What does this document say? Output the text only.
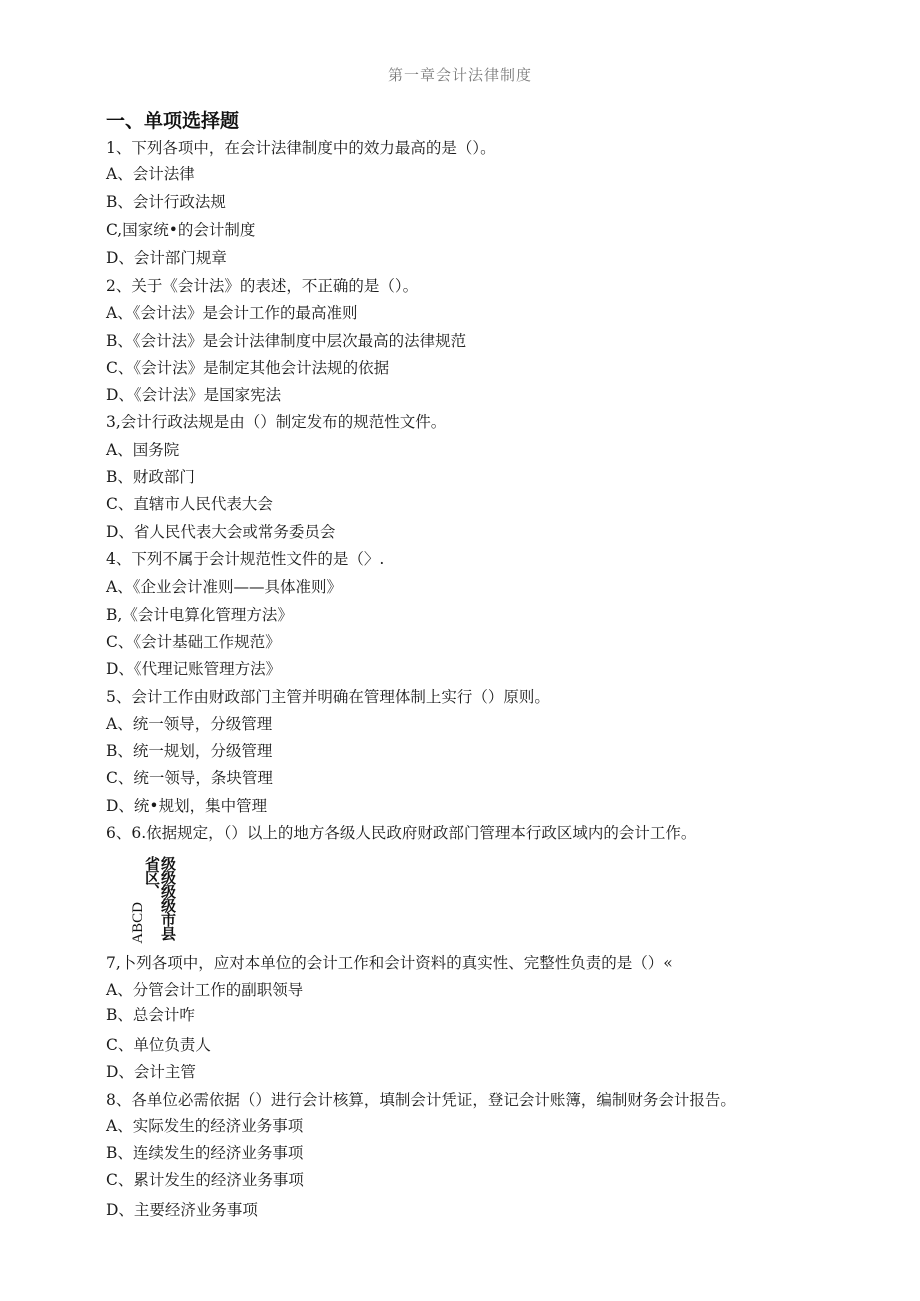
第一章会计法律制度
一、单项选择题
1、下列各项中，在会计法律制度中的效力最高的是（）。
A、会计法律
B、会计行政法规
C,国家统•的会计制度
D、会计部门规章
2、关于《会计法》的表述，不正确的是（）。
A、《会计法》是会计工作的最高准则
B、《会计法》是会计法律制度中层次最高的法律规范
C、《会计法》是制定其他会计法规的依据
D、《会计法》是国家宪法
3,会计行政法规是由（）制定发布的规范性文件。
A、国务院
B、财政部门
C、直辖市人民代表大会
D、省人民代表大会或常务委员会
4、下列不属于会计规范性文件的是（〉.
A、《企业会计准则——具体准则》
B,《会计电算化管理方法》
C、《会计基础工作规范》
D、《代理记账管理方法》
5、会计工作由财政部门主管并明确在管理体制上实行（）原则。
A、统一领导，分级管理
B、统一规划，分级管理
C、统一领导，条块管理
D、统•规划，集中管理
6、6.依据规定，（）以上的地方各级人民政府财政部门管理本行政区域内的会计工作。
级级级级市县
省区、
ABCD
7,卜列各项中，应对本单位的会计工作和会计资料的真实性、完整性负责的是（）«
A、分管会计工作的副职领导
B、总会计咋
C、单位负责人
D、会计主管
8、各单位必需依据（）进行会计核算，填制会计凭证，登记会计账簿，编制财务会计报告。
A、实际发生的经济业务事项
B、连续发生的经济业务事项
C、累计发生的经济业务事项
D、主要经济业务事项
